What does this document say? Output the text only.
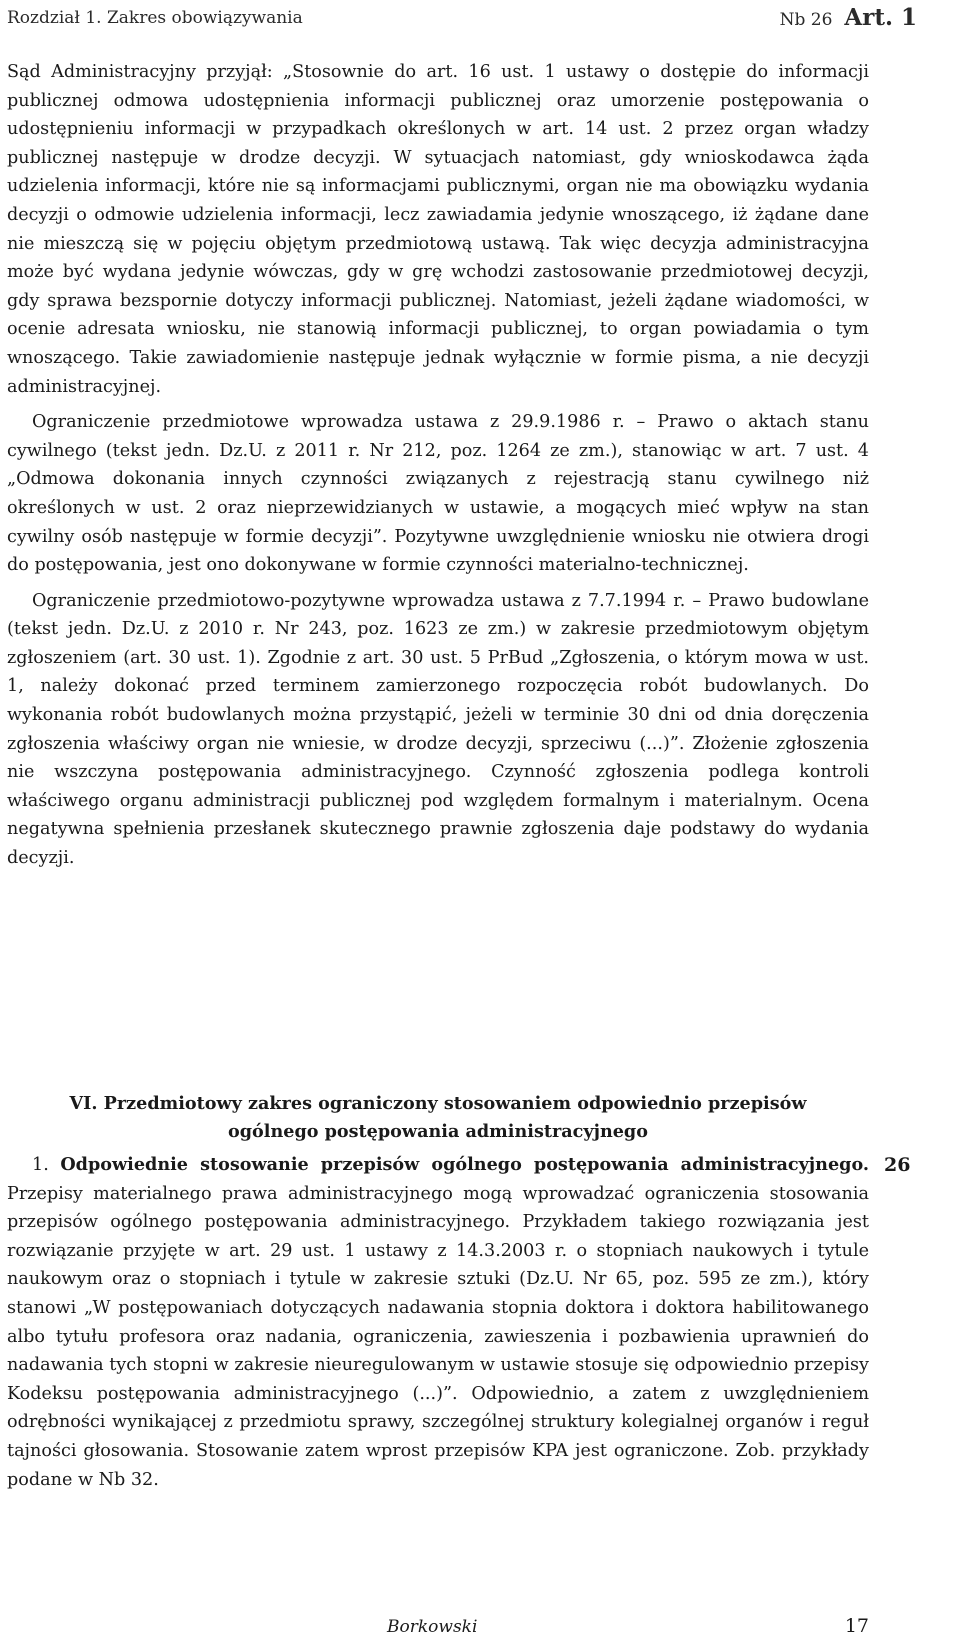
Rozdział 1. Zakres obowiązywania	Nb 26 Art. 1

Sąd Administracyjny przyjął: „Stosownie do art. 16 ust. 1 ustawy o dostępie do informacji publicznej odmowa udostępnienia informacji publicznej oraz umorzenie postępowania o udostępnieniu informacji w przypadkach określonych w art. 14 ust. 2 przez organ władzy publicznej następuje w drodze decyzji. W sytuacjach natomiast, gdy wnioskodawca żąda udzielenia informacji, które nie są informacjami publicznymi, organ nie ma obowiązku wydania decyzji o odmowie udzielenia informacji, lecz zawiadamia jedynie wnoszącego, iż żądane dane nie mieszczą się w pojęciu objętym przedmiotową ustawą. Tak więc decyzja administracyjna może być wydana jedynie wówczas, gdy w grę wchodzi zastosowanie przedmiotowej decyzji, gdy sprawa bezspornie dotyczy informacji publicznej. Natomiast, jeżeli żądane wiadomości, w ocenie adresata wniosku, nie stanowią informacji publicznej, to organ powiadamia o tym wnoszącego. Takie zawiadomienie następuje jednak wyłącznie w formie pisma, a nie decyzji administracyjnej.

Ograniczenie przedmiotowe wprowadza ustawa z 29.9.1986 r. – Prawo o aktach stanu cywilnego (tekst jedn. Dz.U. z 2011 r. Nr 212, poz. 1264 ze zm.), stanowiąc w art. 7 ust. 4 „Odmowa dokonania innych czynności związanych z rejestracją stanu cywilnego niż określonych w ust. 2 oraz nieprzewidzianych w ustawie, a mogących mieć wpływ na stan cywilny osób następuje w formie decyzji”. Pozytywne uwzględnienie wniosku nie otwiera drogi do postępowania, jest ono dokonywane w formie czynności materialno-technicznej.

Ograniczenie przedmiotowo-pozytywne wprowadza ustawa z 7.7.1994 r. – Prawo budowlane (tekst jedn. Dz.U. z 2010 r. Nr 243, poz. 1623 ze zm.) w zakresie przedmiotowym objętym zgłoszeniem (art. 30 ust. 1). Zgodnie z art. 30 ust. 5 PrBud „Zgłoszenia, o którym mowa w ust. 1, należy dokonać przed terminem zamierzonego rozpoczęcia robót budowlanych. Do wykonania robót budowlanych można przystąpić, jeżeli w terminie 30 dni od dnia doręczenia zgłoszenia właściwy organ nie wniesie, w drodze decyzji, sprzeciwu (...)”. Złożenie zgłoszenia nie wszczyna postępowania administracyjnego. Czynność zgłoszenia podlega kontroli właściwego organu administracji publicznej pod względem formalnym i materialnym. Ocena negatywna spełnienia przesłanek skutecznego prawnie zgłoszenia daje podstawy do wydania decyzji.

VI. Przedmiotowy zakres ograniczony stosowaniem odpowiednio przepisów
ogólnego postępowania administracyjnego
26

1. Odpowiednie stosowanie przepisów ogólnego postępowania administracyjnego. Przepisy materialnego prawa administracyjnego mogą wprowadzać ograniczenia stosowania przepisów ogólnego postępowania administracyjnego. Przykładem takiego rozwiązania jest rozwiązanie przyjęte w art. 29 ust. 1 ustawy z 14.3.2003 r. o stopniach naukowych i tytule naukowym oraz o stopniach i tytule w zakresie sztuki (Dz.U. Nr 65, poz. 595 ze zm.), który stanowi „W postępowaniach dotyczących nadawania stopnia doktora i doktora habilitowanego albo tytułu profesora oraz nadania, ograniczenia, zawieszenia i pozbawienia uprawnień do nadawania tych stopni w zakresie nieuregulowanym w ustawie stosuje się odpowiednio przepisy Kodeksu postępowania administracyjnego (...)”. Odpowiednio, a zatem z uwzględnieniem odrębności wynikającej z przedmiotu sprawy, szczególnej struktury kolegialnej organów i reguł tajności głosowania. Stosowanie zatem wprost przepisów KPA jest ograniczone. Zob. przykłady podane w Nb 32.

Borkowski	17
